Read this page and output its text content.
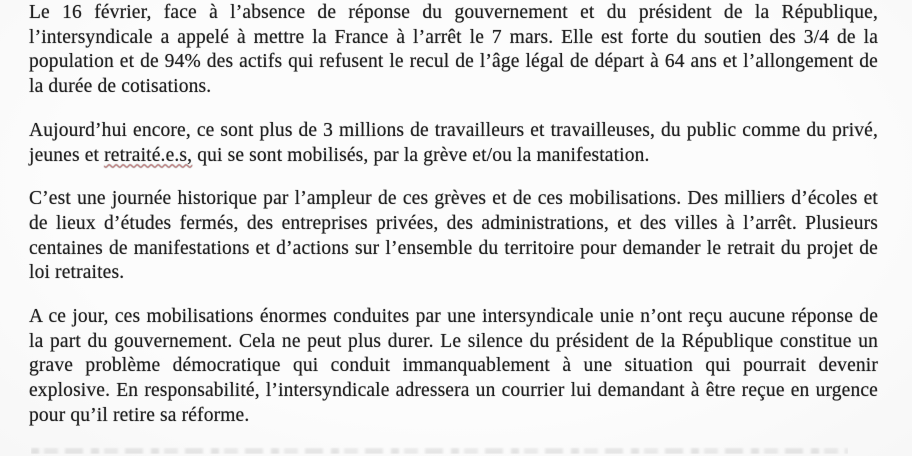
Le 16 février, face à l’absence de réponse du gouvernement et du président de la République, l’intersyndicale a appelé à mettre la France à l’arrêt le 7 mars. Elle est forte du soutien des 3/4 de la population et de 94% des actifs qui refusent le recul de l’âge légal de départ à 64 ans et l’allongement de la durée de cotisations.

Aujourd’hui encore, ce sont plus de 3 millions de travailleurs et travailleuses, du public comme du privé, jeunes et retraité.e.s, qui se sont mobilisés, par la grève et/ou la manifestation.

C’est une journée historique par l’ampleur de ces grèves et de ces mobilisations. Des milliers d’écoles et de lieux d’études fermés, des entreprises privées, des administrations, et des villes à l’arrêt. Plusieurs centaines de manifestations et d’actions sur l’ensemble du territoire pour demander le retrait du projet de loi retraites.

A ce jour, ces mobilisations énormes conduites par une intersyndicale unie n’ont reçu aucune réponse de la part du gouvernement. Cela ne peut plus durer. Le silence du président de la République constitue un grave problème démocratique qui conduit immanquablement à une situation qui pourrait devenir explosive. En responsabilité, l’intersyndicale adressera un courrier lui demandant à être reçue en urgence pour qu’il retire sa réforme.
